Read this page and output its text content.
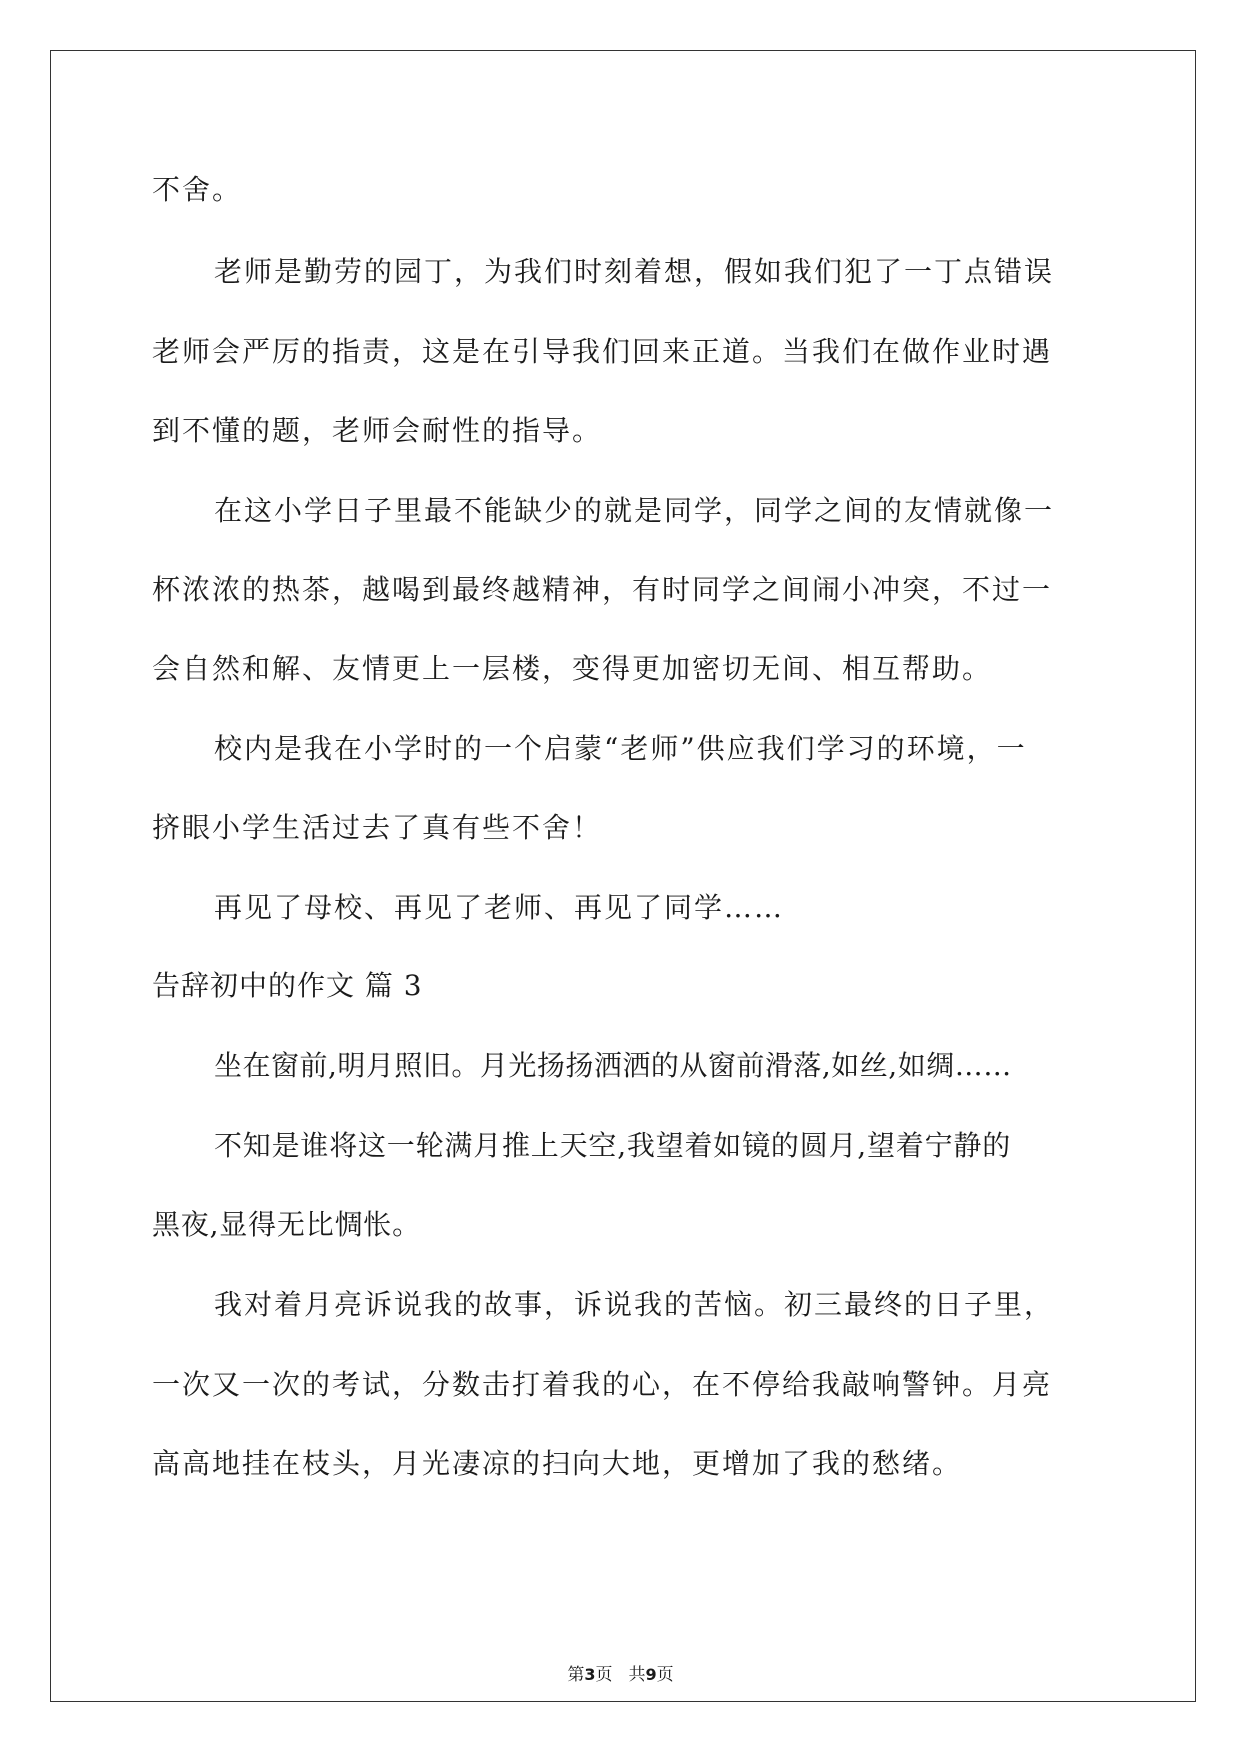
不舍。
老师是勤劳的园丁，为我们时刻着想，假如我们犯了一丁点错误
老师会严厉的指责，这是在引导我们回来正道。当我们在做作业时遇
到不懂的题，老师会耐性的指导。
在这小学日子里最不能缺少的就是同学，同学之间的友情就像一
杯浓浓的热茶，越喝到最终越精神，有时同学之间闹小冲突，不过一
会自然和解、友情更上一层楼，变得更加密切无间、相互帮助。
校内是我在小学时的一个启蒙“老师”供应我们学习的环境，一
挤眼小学生活过去了真有些不舍！
再见了母校、再见了老师、再见了同学……
告辞初中的作文 篇 3
坐在窗前,明月照旧。月光扬扬洒洒的从窗前滑落,如丝,如绸……
不知是谁将这一轮满月推上天空,我望着如镜的圆月,望着宁静的
黑夜,显得无比惆怅。
我对着月亮诉说我的故事，诉说我的苦恼。初三最终的日子里，
一次又一次的考试，分数击打着我的心，在不停给我敲响警钟。月亮
高高地挂在枝头，月光凄凉的扫向大地，更增加了我的愁绪。
第3页 共9页
